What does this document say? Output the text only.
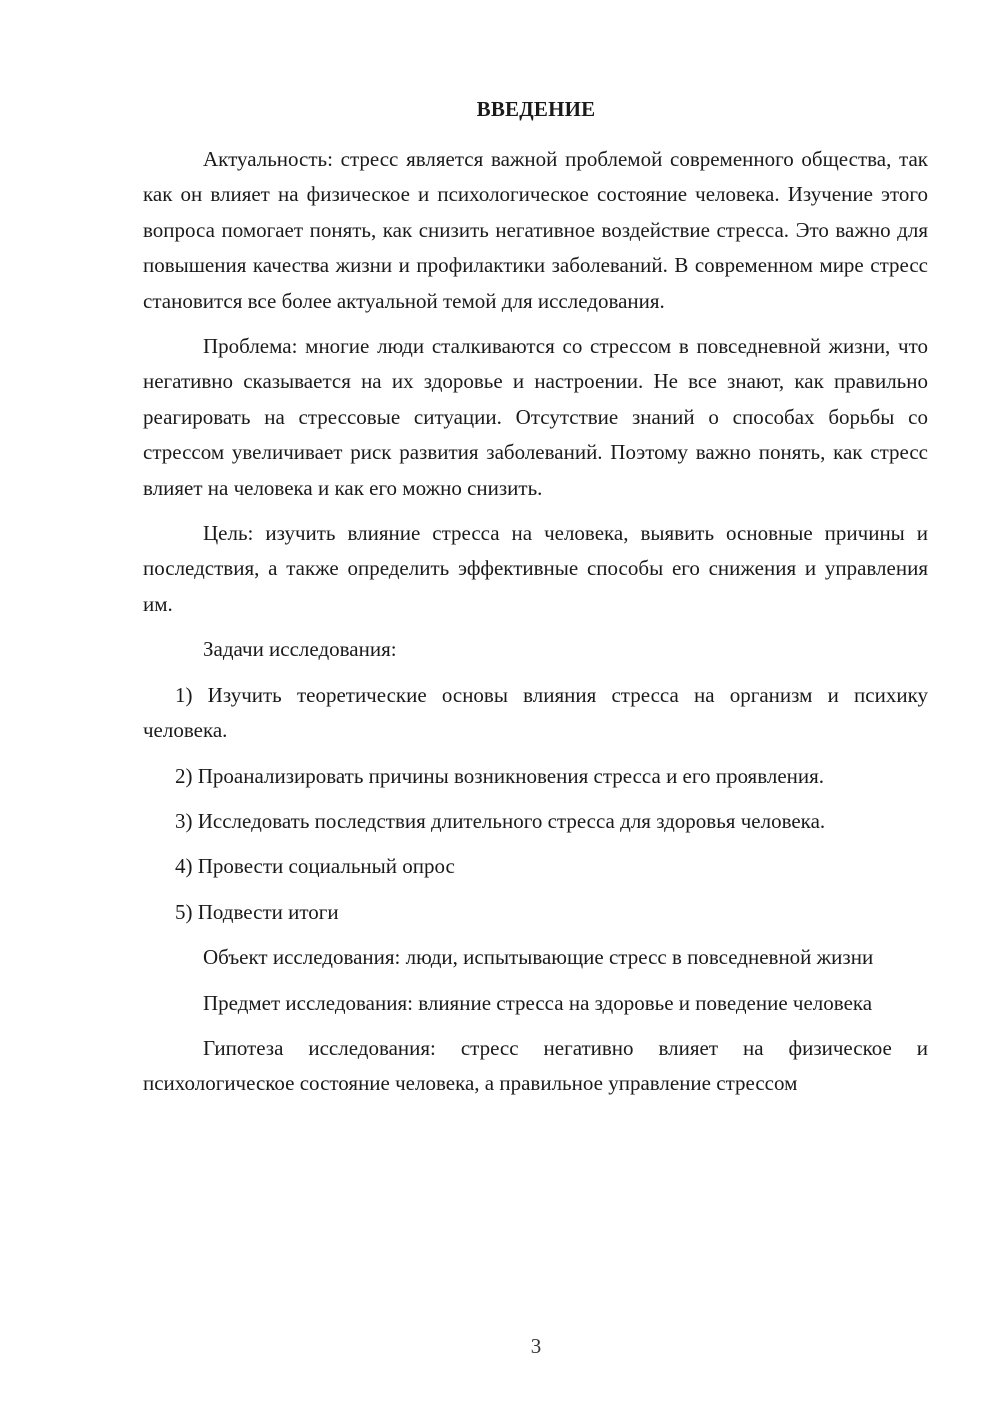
ВВЕДЕНИЕ

Актуальность: стресс является важной проблемой современного общества, так как он влияет на физическое и психологическое состояние человека. Изучение этого вопроса помогает понять, как снизить негативное воздействие стресса. Это важно для повышения качества жизни и профилактики заболеваний. В современном мире стресс становится все более актуальной темой для исследования.

Проблема: многие люди сталкиваются со стрессом в повседневной жизни, что негативно сказывается на их здоровье и настроении. Не все знают, как правильно реагировать на стрессовые ситуации. Отсутствие знаний о способах борьбы со стрессом увеличивает риск развития заболеваний. Поэтому важно понять, как стресс влияет на человека и как его можно снизить.

Цель: изучить влияние стресса на человека, выявить основные причины и последствия, а также определить эффективные способы его снижения и управления им.

Задачи исследования:

1) Изучить теоретические основы влияния стресса на организм и психику человека.

2) Проанализировать причины возникновения стресса и его проявления.

3) Исследовать последствия длительного стресса для здоровья человека.

4) Провести социальный опрос

5) Подвести итоги

Объект исследования: люди, испытывающие стресс в повседневной жизни

Предмет исследования: влияние стресса на здоровье и поведение человека

Гипотеза исследования: стресс негативно влияет на физическое и психологическое состояние человека, а правильное управление стрессом

3
